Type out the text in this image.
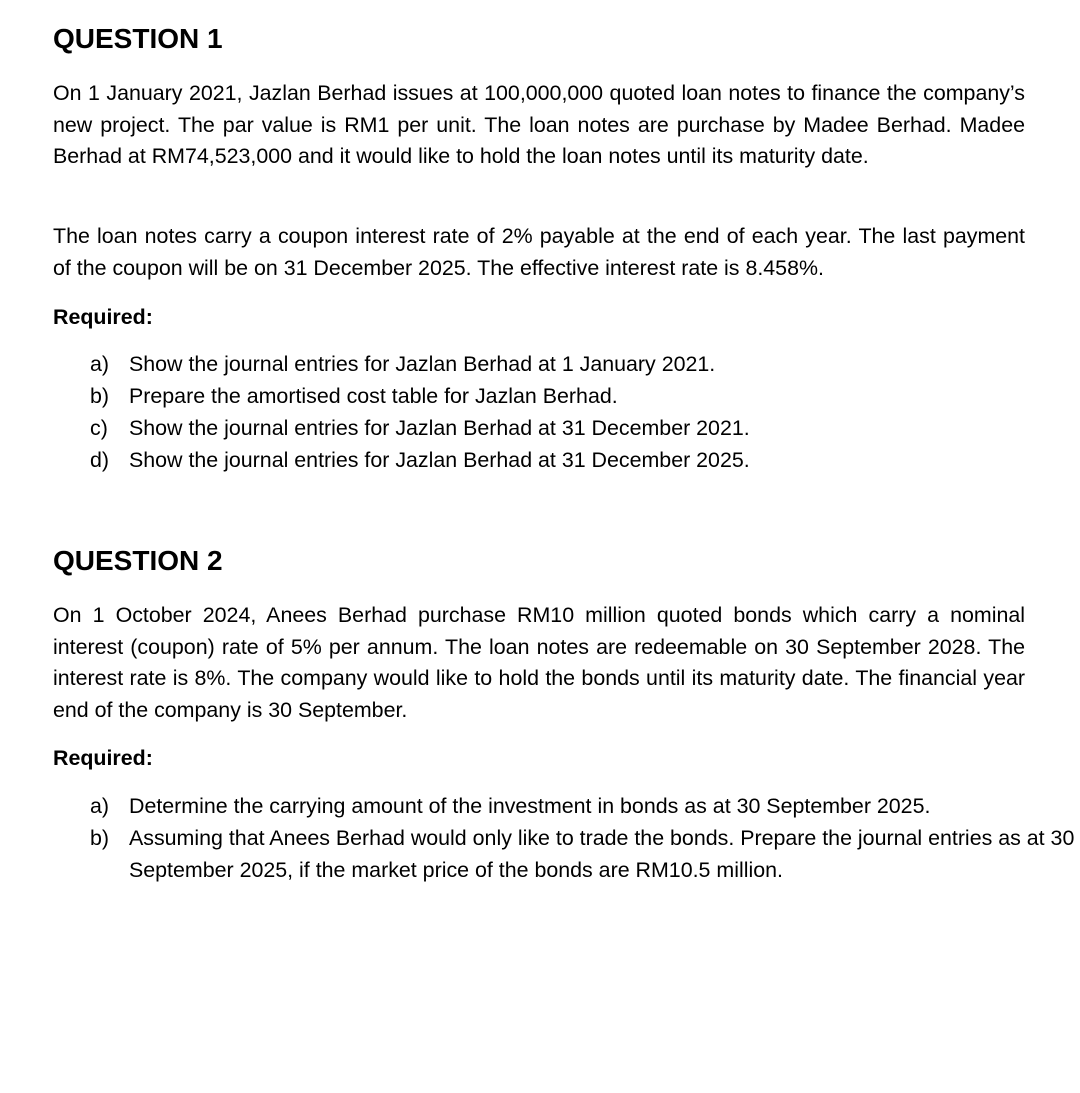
QUESTION 1

On 1 January 2021, Jazlan Berhad issues at 100,000,000 quoted loan notes to finance the company’s new project. The par value is RM1 per unit. The loan notes are purchase by Madee Berhad. Madee Berhad at RM74,523,000 and it would like to hold the loan notes until its maturity date.

The loan notes carry a coupon interest rate of 2% payable at the end of each year. The last payment of the coupon will be on 31 December 2025. The effective interest rate is 8.458%.

Required:

a) Show the journal entries for Jazlan Berhad at 1 January 2021.
b) Prepare the amortised cost table for Jazlan Berhad.
c) Show the journal entries for Jazlan Berhad at 31 December 2021.
d) Show the journal entries for Jazlan Berhad at 31 December 2025.
QUESTION 2

On 1 October 2024, Anees Berhad purchase RM10 million quoted bonds which carry a nominal interest (coupon) rate of 5% per annum. The loan notes are redeemable on 30 September 2028. The interest rate is 8%. The company would like to hold the bonds until its maturity date. The financial year end of the company is 30 September.

Required:

a) Determine the carrying amount of the investment in bonds as at 30 September 2025.
b) Assuming that Anees Berhad would only like to trade the bonds. Prepare the journal entries as at 30 September 2025, if the market price of the bonds are RM10.5 million.
